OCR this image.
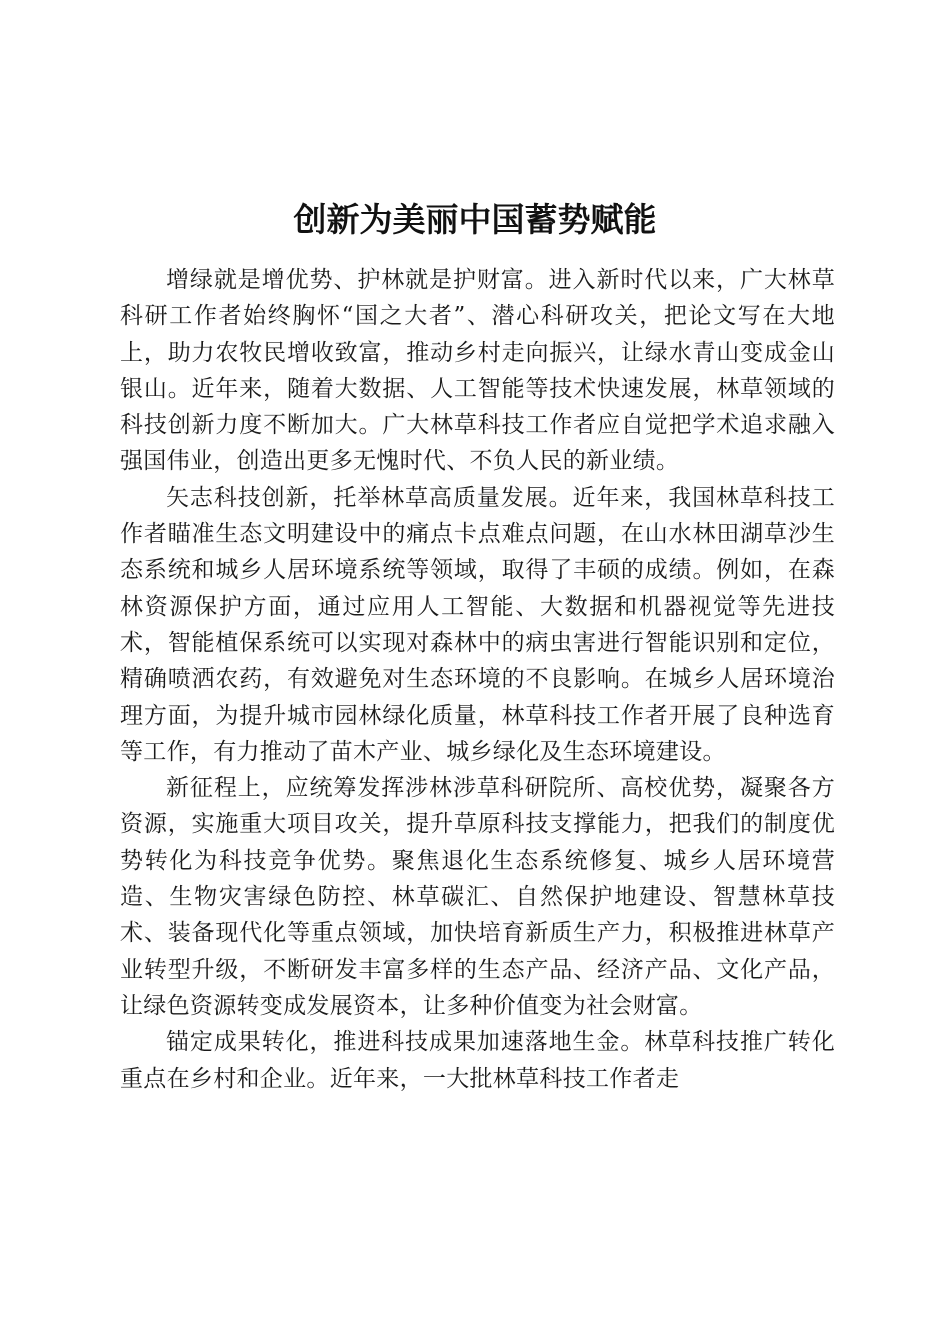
创新为美丽中国蓄势赋能

增绿就是增优势、护林就是护财富。进入新时代以来，广大林草科研工作者始终胸怀“国之大者”、潜心科研攻关，把论文写在大地上，助力农牧民增收致富，推动乡村走向振兴，让绿水青山变成金山银山。近年来，随着大数据、人工智能等技术快速发展，林草领域的科技创新力度不断加大。广大林草科技工作者应自觉把学术追求融入强国伟业，创造出更多无愧时代、不负人民的新业绩。

矢志科技创新，托举林草高质量发展。近年来，我国林草科技工作者瞄准生态文明建设中的痛点卡点难点问题，在山水林田湖草沙生态系统和城乡人居环境系统等领域，取得了丰硕的成绩。例如，在森林资源保护方面，通过应用人工智能、大数据和机器视觉等先进技术，智能植保系统可以实现对森林中的病虫害进行智能识别和定位，精确喷洒农药，有效避免对生态环境的不良影响。在城乡人居环境治理方面，为提升城市园林绿化质量，林草科技工作者开展了良种选育等工作，有力推动了苗木产业、城乡绿化及生态环境建设。

新征程上，应统筹发挥涉林涉草科研院所、高校优势，凝聚各方资源，实施重大项目攻关，提升草原科技支撑能力，把我们的制度优势转化为科技竞争优势。聚焦退化生态系统修复、城乡人居环境营造、生物灾害绿色防控、林草碳汇、自然保护地建设、智慧林草技术、装备现代化等重点领域，加快培育新质生产力，积极推进林草产业转型升级，不断研发丰富多样的生态产品、经济产品、文化产品，让绿色资源转变成发展资本，让多种价值变为社会财富。

锚定成果转化，推进科技成果加速落地生金。林草科技推广转化重点在乡村和企业。近年来，一大批林草科技工作者走
